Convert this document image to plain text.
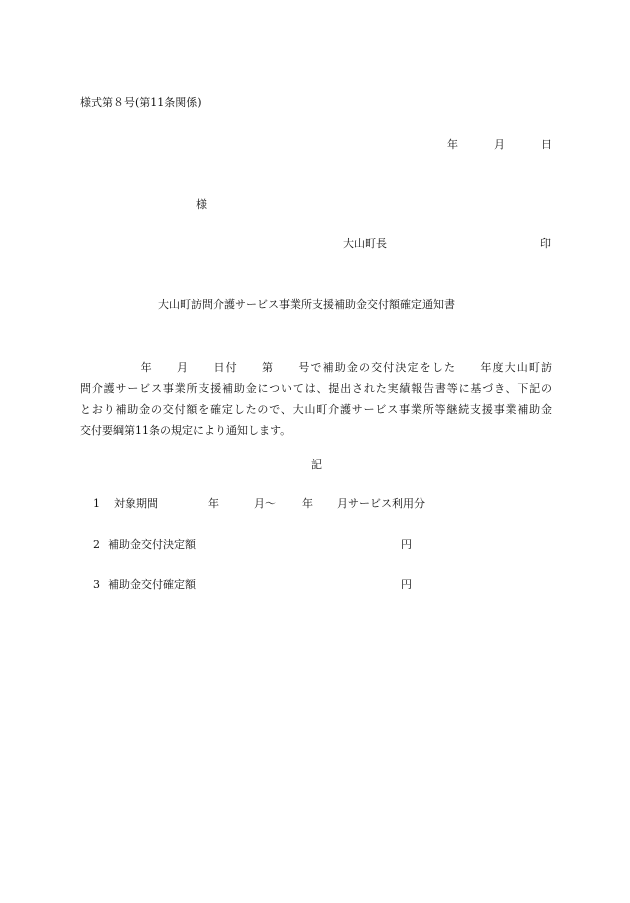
様式第８号(第11条関係)
年	月	日
様
大山町長	印
大山町訪問介護サービス事業所支援補助金交付額確定通知書
　　　　　年　　月　　日付　　第　　号で補助金の交付決定をした　　年度大山町訪
問介護サービス事業所支援補助金については、提出された実績報告書等に基づき、下記の
とおり補助金の交付額を確定したので、大山町介護サービス事業所等継続支援事業補助金
交付要綱第11条の規定により通知します。
記
1 対象期間	年	月～ 年 月サービス利用分
2 補助金交付決定額	円
3 補助金交付確定額	円
